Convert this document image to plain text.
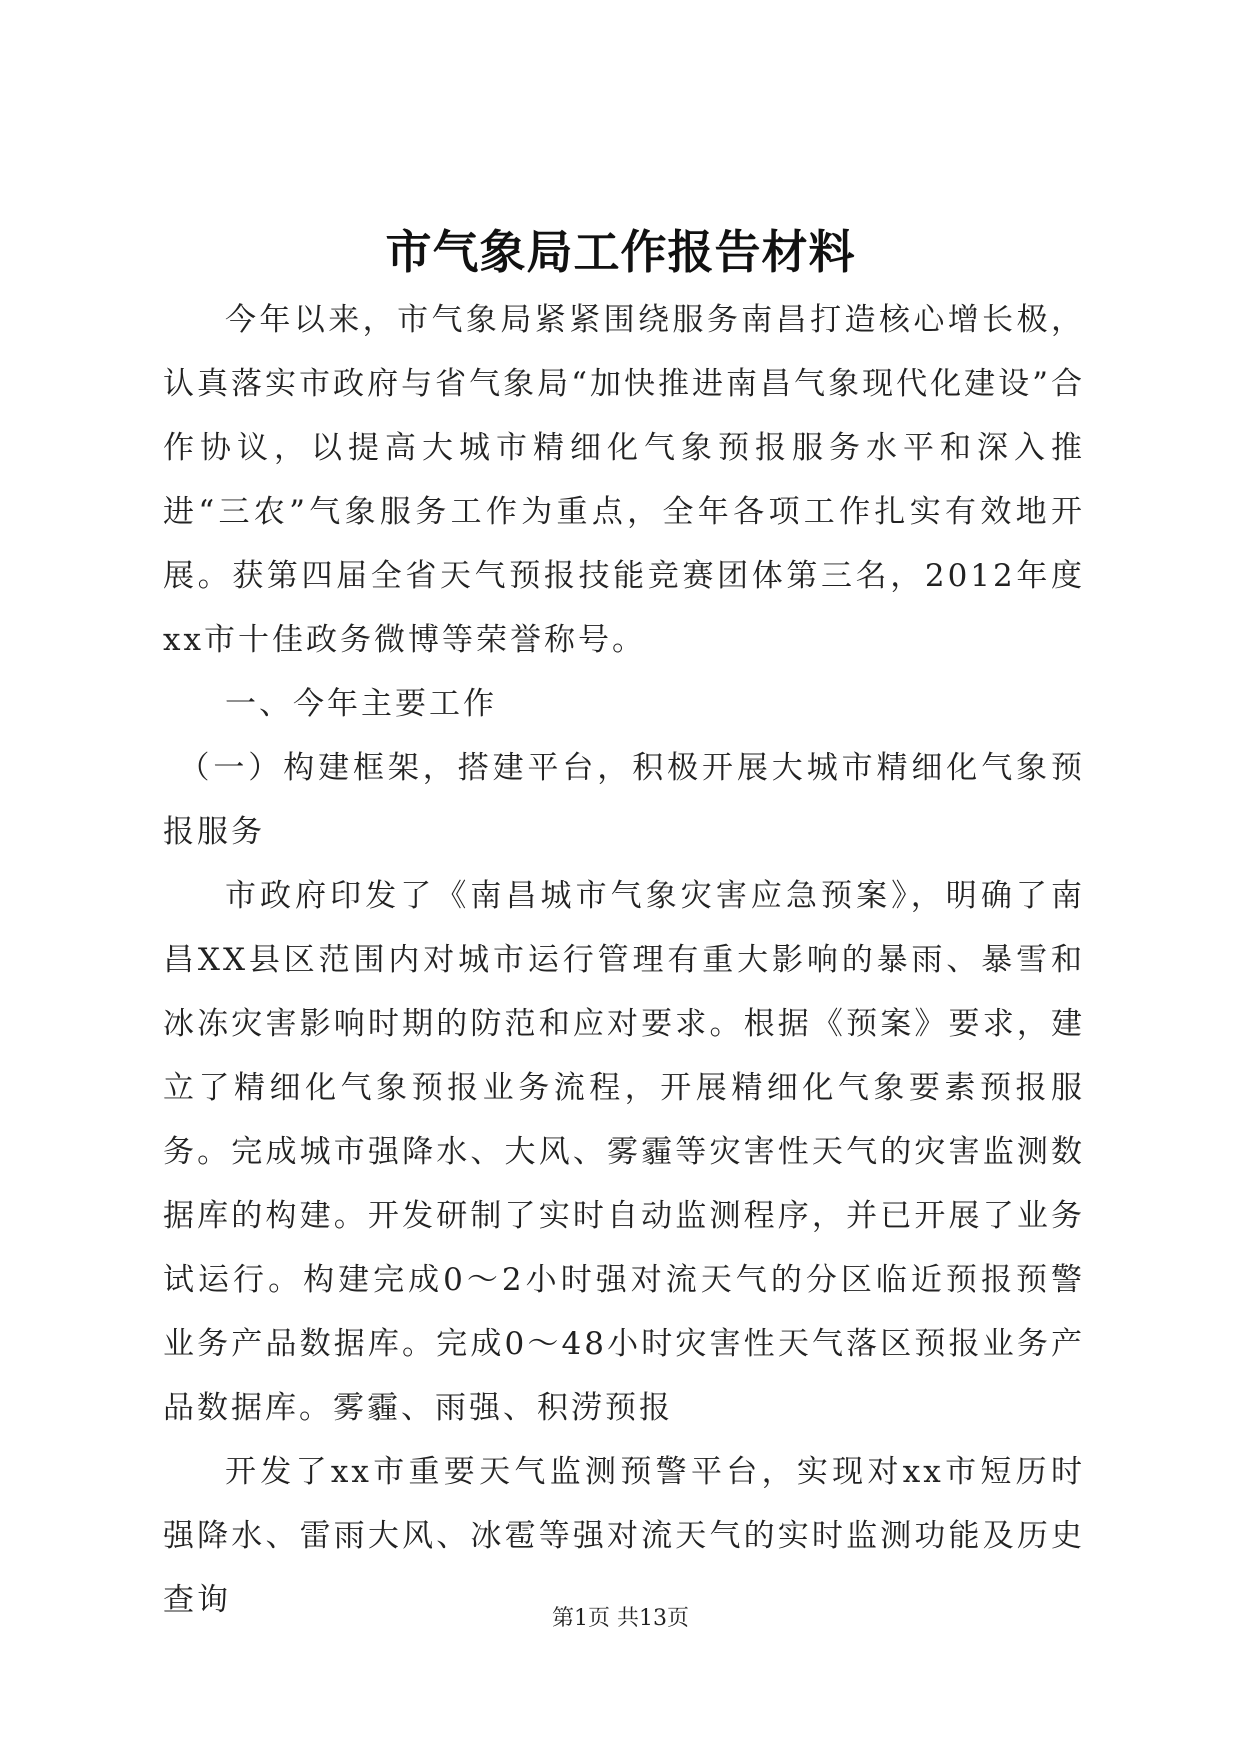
市气象局工作报告材料

今年以来，市气象局紧紧围绕服务南昌打造核心增长极，认真落实市政府与省气象局“加快推进南昌气象现代化建设”合作协议，以提高大城市精细化气象预报服务水平和深入推进“三农”气象服务工作为重点，全年各项工作扎实有效地开展。获第四届全省天气预报技能竞赛团体第三名，2012年度xx市十佳政务微博等荣誉称号。

一、今年主要工作

（一）构建框架，搭建平台，积极开展大城市精细化气象预报服务

市政府印发了《南昌城市气象灾害应急预案》，明确了南昌XX县区范围内对城市运行管理有重大影响的暴雨、暴雪和冰冻灾害影响时期的防范和应对要求。根据《预案》要求，建立了精细化气象预报业务流程，开展精细化气象要素预报服务。完成城市强降水、大风、雾霾等灾害性天气的灾害监测数据库的构建。开发研制了实时自动监测程序，并已开展了业务试运行。构建完成0～2小时强对流天气的分区临近预报预警业务产品数据库。完成0～48小时灾害性天气落区预报业务产品数据库。雾霾、雨强、积涝预报

开发了xx市重要天气监测预警平台，实现对xx市短历时强降水、雷雨大风、冰雹等强对流天气的实时监测功能及历史查询

第1页 共13页
